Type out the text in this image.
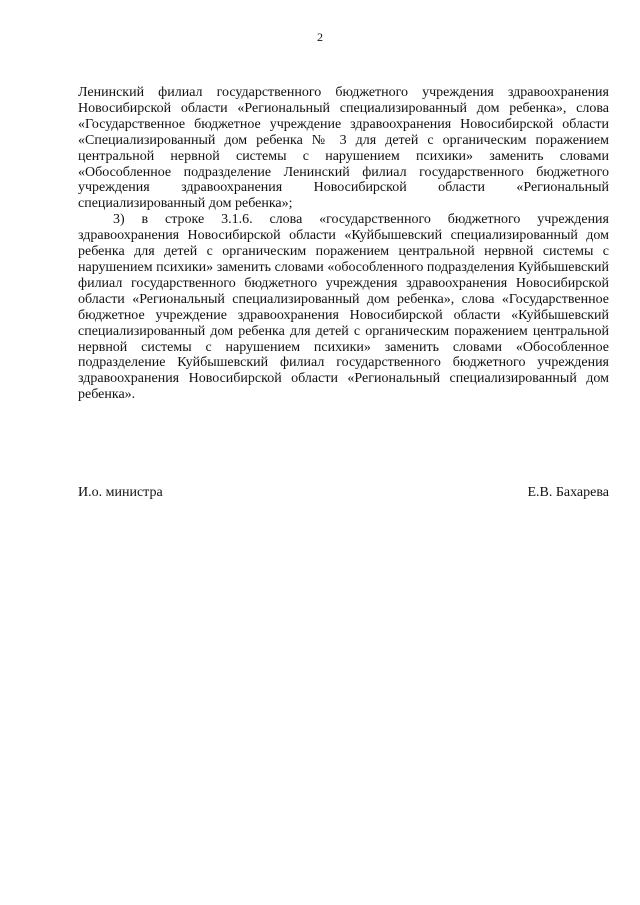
2

Ленинский филиал государственного бюджетного учреждения здравоохранения Новосибирской области «Региональный специализированный дом ребенка», слова «Государственное бюджетное учреждение здравоохранения Новосибирской области «Специализированный дом ребенка № 3 для детей с органическим поражением центральной нервной системы с нарушением психики» заменить словами «Обособленное подразделение Ленинский филиал государственного бюджетного учреждения здравоохранения Новосибирской области «Региональный специализированный дом ребенка»;

3) в строке 3.1.6. слова «государственного бюджетного учреждения здравоохранения Новосибирской области «Куйбышевский специализированный дом ребенка для детей с органическим поражением центральной нервной системы с нарушением психики» заменить словами «обособленного подразделения Куйбышевский филиал государственного бюджетного учреждения здравоохранения Новосибирской области «Региональный специализированный дом ребенка», слова «Государственное бюджетное учреждение здравоохранения Новосибирской области «Куйбышевский специализированный дом ребенка для детей с органическим поражением центральной нервной системы с нарушением психики» заменить словами «Обособленное подразделение Куйбышевский филиал государственного бюджетного учреждения здравоохранения Новосибирской области «Региональный специализированный дом ребенка».

И.о. министра	Е.В. Бахарева
